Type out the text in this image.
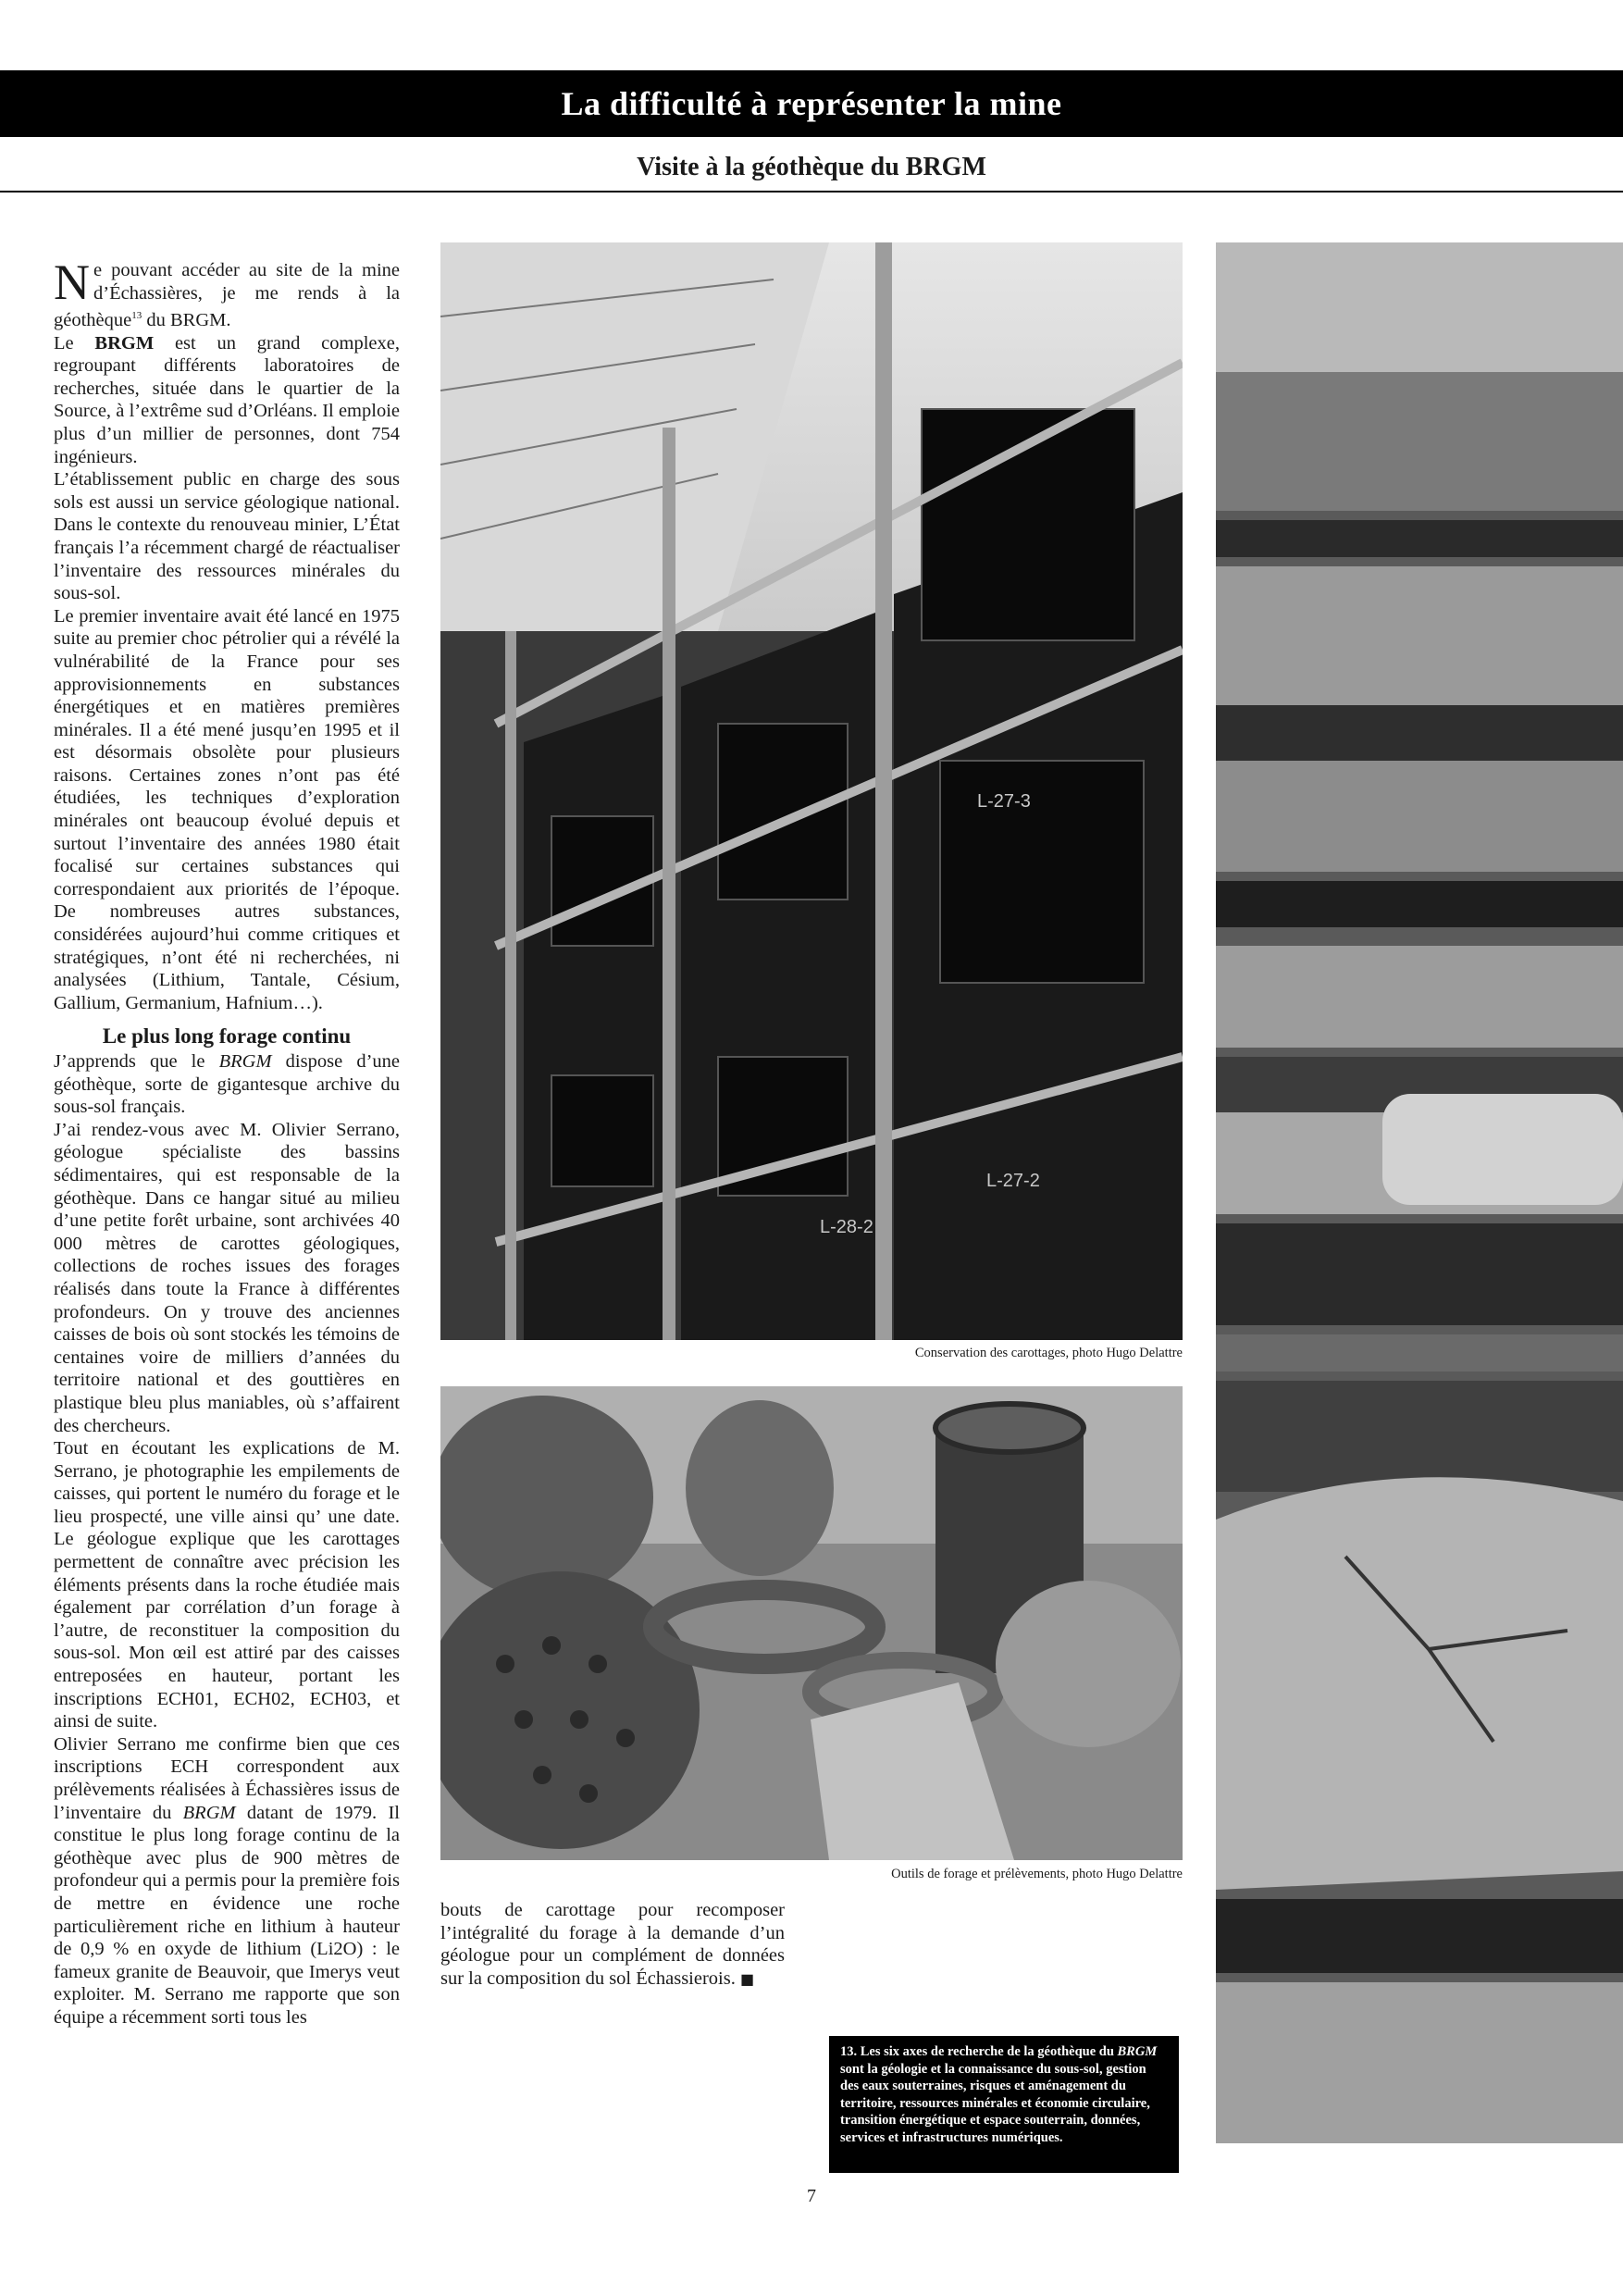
La difficulté à représenter la mine
Visite à la géothèque du BRGM

Ne pouvant accéder au site de la mine d’Échassières, je me rends à la géothèque$^{13}$ du BRGM.

Le BRGM est un grand complexe, regroupant différents laboratoires de recherches, située dans le quartier de la Source, à l’extrême sud d’Orléans. Il emploie plus d’un millier de personnes, dont 754 ingénieurs.

L’établissement public en charge des sous sols est aussi un service géologique national. Dans le contexte du renouveau minier, L’État français l’a récemment chargé de réactualiser l’inventaire des ressources minérales du sous-sol.

Le premier inventaire avait été lancé en 1975 suite au premier choc pétrolier qui a révélé la vulnérabilité de la France pour ses approvisionnements en substances énergétiques et en matières premières minérales. Il a été mené jusqu’en 1995 et il est désormais obsolète pour plusieurs raisons. Certaines zones n’ont pas été étudiées, les techniques d’exploration minérales ont beaucoup évolué depuis et surtout l’inventaire des années 1980 était focalisé sur certaines substances qui correspondaient aux priorités de l’époque. De nombreuses autres substances, considérées aujourd’hui comme critiques et stratégiques, n’ont été ni recherchées, ni analysées (Lithium, Tantale, Césium, Gallium, Germanium, Hafnium…).

Le plus long forage continu

J’apprends que le BRGM dispose d’une géothèque, sorte de gigantesque archive du sous-sol français.

J’ai rendez-vous avec M. Olivier Serrano, géologue spécialiste des bassins sédimentaires, qui est responsable de la géothèque. Dans ce hangar situé au milieu d’une petite forêt urbaine, sont archivées 40 000 mètres de carottes géologiques, collections de roches issues des forages réalisés dans toute la France à différentes profondeurs. On y trouve des anciennes caisses de bois où sont stockés les témoins de centaines voire de milliers d’années du territoire national et des gouttières en plastique bleu plus maniables, où s’affairent des chercheurs.

Tout en écoutant les explications de M. Serrano, je photographie les empilements de caisses, qui portent le numéro du forage et le lieu prospecté, une ville ainsi qu’ une date. Le géologue explique que les carottages permettent de connaître avec précision les éléments présents dans la roche étudiée mais également par corrélation d’un forage à l’autre, de reconstituer la composition du sous-sol. Mon œil est attiré par des caisses entreposées en hauteur, portant les inscriptions ECH01, ECH02, ECH03, et ainsi de suite.

Olivier Serrano me confirme bien que ces inscriptions ECH correspondent aux prélèvements réalisées à Échassières issus de l’inventaire du BRGM datant de 1979. Il constitue le plus long forage continu de la géothèque avec plus de 900 mètres de profondeur qui a permis pour la première fois de mettre en évidence une roche particulièrement riche en lithium à hauteur de 0,9 % en oxyde de lithium (Li2O) : le fameux granite de Beauvoir, que Imerys veut exploiter. M. Serrano me rapporte que son équipe a récemment sorti tous les

bouts de carottage pour recomposer l’intégralité du forage à la demande d’un géologue pour un complément de données sur la composition du sol Échassierois. ■

L-27-3
L-27-2
L-28-2
Conservation des carottages, photo Hugo Delattre
Outils de forage et prélèvements, photo Hugo Delattre
13. Les six axes de recherche de la géothèque du BRGM sont la géologie et la connaissance du sous-sol, gestion des eaux souterraines, risques et aménagement du territoire, ressources minérales et économie circulaire, transition énergétique et espace souterrain, données, services et infrastructures numériques.
7
